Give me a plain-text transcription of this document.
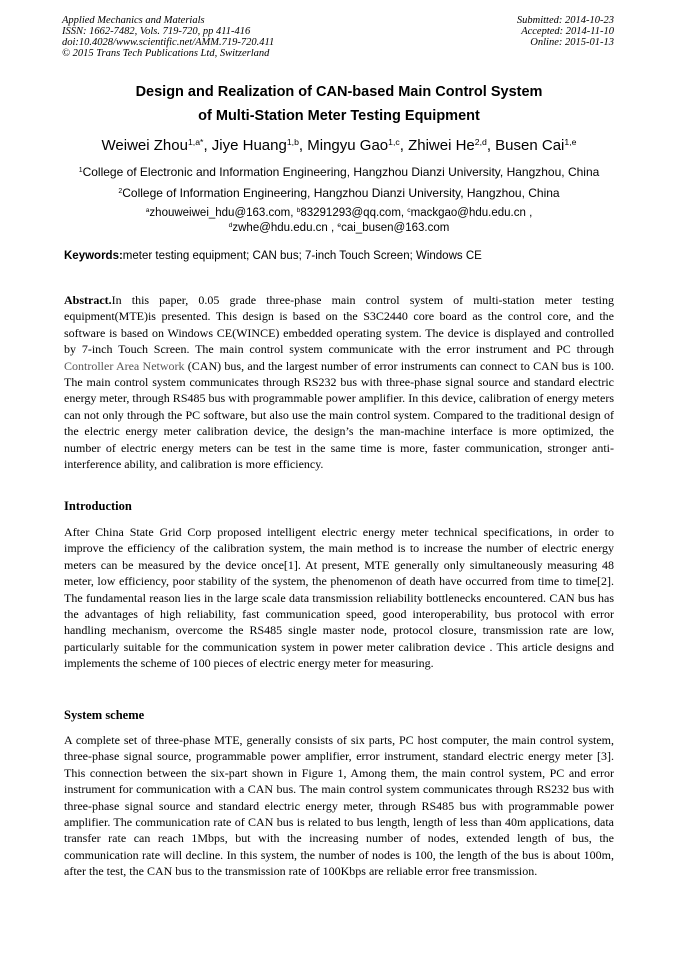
Applied Mechanics and Materials
ISSN: 1662-7482, Vols. 719-720, pp 411-416
doi:10.4028/www.scientific.net/AMM.719-720.411
© 2015 Trans Tech Publications Ltd, Switzerland
Submitted: 2014-10-23
Accepted: 2014-11-10
Online: 2015-01-13
Design and Realization of CAN-based Main Control System
of Multi-Station Meter Testing Equipment
Weiwei Zhou$^{1,a*}$, Jiye Huang$^{1,b}$, Mingyu Gao$^{1,c}$, Zhiwei He$^{2,d}$, Busen Cai$^{1,e}$
$^1$College of Electronic and Information Engineering, Hangzhou Dianzi University, Hangzhou, China
$^2$College of Information Engineering, Hangzhou Dianzi University, Hangzhou, China
$^a$zhouweiwei_hdu@163.com, $^b$83291293@qq.com, $^c$mackgao@hdu.edu.cn ,
$^d$zwhe@hdu.edu.cn , $^e$cai_busen@163.com
Keywords:meter testing equipment; CAN bus; 7-inch Touch Screen; Windows CE
Abstract.In this paper, 0.05 grade three-phase main control system of multi-station meter testing equipment(MTE)is presented. This design is based on the S3C2440 core board as the control core, and the software is based on Windows CE(WINCE) embedded operating system. The device is displayed and controlled by 7-inch Touch Screen. The main control system communicate with the error instrument and PC through Controller Area Network (CAN) bus, and the largest number of error instruments can connect to CAN bus is 100. The main control system communicates through RS232 bus with three-phase signal source and standard electric energy meter, through RS485 bus with programmable power amplifier. In this device, calibration of energy meters can not only through the PC software, but also use the main control system. Compared to the traditional design of the electric energy meter calibration device, the design’s the man-machine interface is more optimized, the number of electric energy meters can be test in the same time is more, faster communication, stronger anti-interference ability, and calibration is more efficiency.
Introduction
After China State Grid Corp proposed intelligent electric energy meter technical specifications, in order to improve the efficiency of the calibration system, the main method is to increase the number of electric energy meters can be measured by the device once[1]. At present, MTE generally only simultaneously measuring 48 meter, low efficiency, poor stability of the system, the phenomenon of death have occurred from time to time[2]. The fundamental reason lies in the large scale data transmission reliability bottlenecks encountered. CAN bus has the advantages of high reliability, fast communication speed, good interoperability, bus protocol with error handling mechanism, overcome the RS485 single master node, protocol closure, transmission rate are low, particularly suitable for the communication system in power meter calibration device . This article designs and implements the scheme of 100 pieces of electric energy meter for measuring.
System scheme
A complete set of three-phase MTE, generally consists of six parts, PC host computer, the main control system, three-phase signal source, programmable power amplifier, error instrument, standard electric energy meter [3]. This connection between the six-part shown in Figure 1, Among them, the main control system, PC and error instrument for communication with a CAN bus. The main control system communicates through RS232 bus with three-phase signal source and standard electric energy meter, through RS485 bus with programmable power amplifier. The communication rate of CAN bus is related to bus length, length of less than 40m applications, data transfer rate can reach 1Mbps, but with the increasing number of nodes, extended length of bus, the communication rate will decline. In this system, the number of nodes is 100, the length of the bus is about 100m, after the test, the CAN bus to the transmission rate of 100Kbps are reliable error free transmission.
